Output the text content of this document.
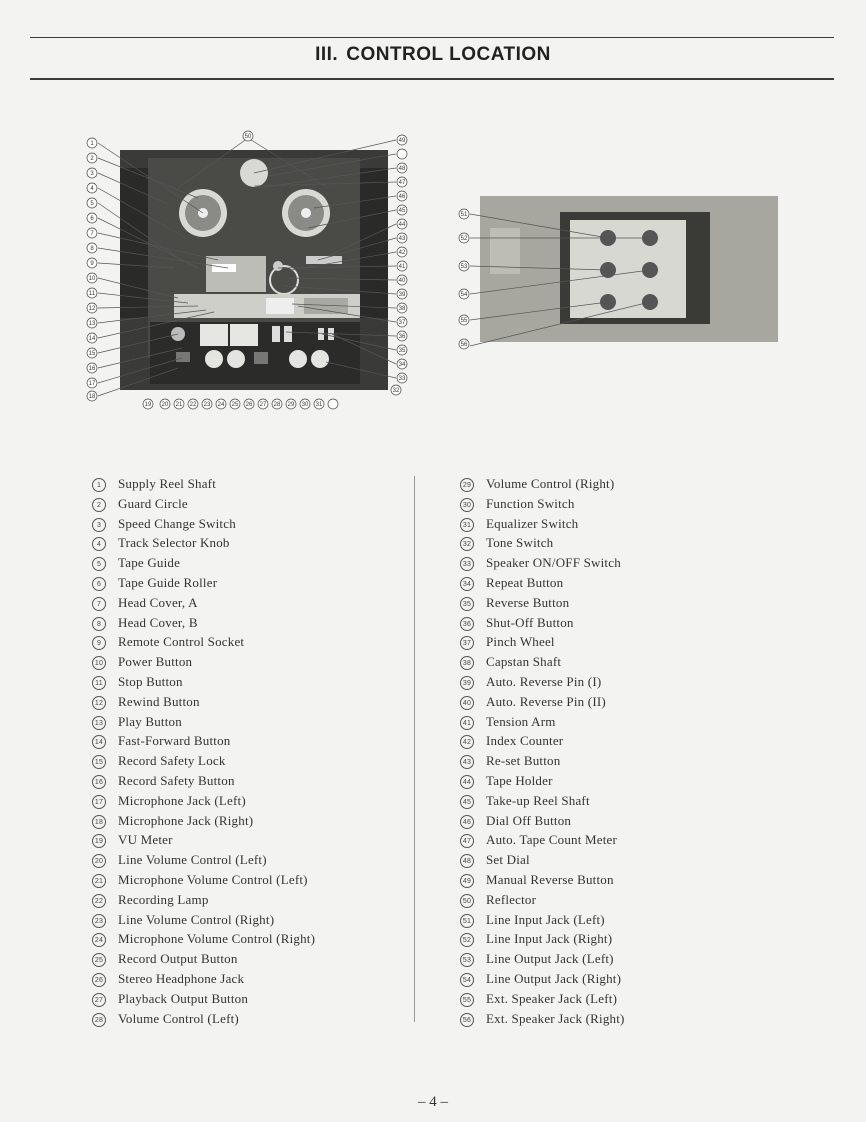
III. CONTROL LOCATION
1
2
3
4
5
6
7
8
9
10
11
12
13
14
15
16
17
18
19 20 21 22 23 24 25 26 27 28 29 30 31
32
33
34
35
36
37
38
39
40
41
42
43
44
45
46
47
48
49
50
51
52
53
54
55
56
1 Supply Reel Shaft
2 Guard Circle
3 Speed Change Switch
4 Track Selector Knob
5 Tape Guide
6 Tape Guide Roller
7 Head Cover, A
8 Head Cover, B
9 Remote Control Socket
10 Power Button
11 Stop Button
12 Rewind Button
13 Play Button
14 Fast-Forward Button
15 Record Safety Lock
16 Record Safety Button
17 Microphone Jack (Left)
18 Microphone Jack (Right)
19 VU Meter
20 Line Volume Control (Left)
21 Microphone Volume Control (Left)
22 Recording Lamp
23 Line Volume Control (Right)
24 Microphone Volume Control (Right)
25 Record Output Button
26 Stereo Headphone Jack
27 Playback Output Button
28 Volume Control (Left)
29 Volume Control (Right)
30 Function Switch
31 Equalizer Switch
32 Tone Switch
33 Speaker ON/OFF Switch
34 Repeat Button
35 Reverse Button
36 Shut-Off Button
37 Pinch Wheel
38 Capstan Shaft
39 Auto. Reverse Pin (I)
40 Auto. Reverse Pin (II)
41 Tension Arm
42 Index Counter
43 Re-set Button
44 Tape Holder
45 Take-up Reel Shaft
46 Dial Off Button
47 Auto. Tape Count Meter
48 Set Dial
49 Manual Reverse Button
50 Reflector
51 Line Input Jack (Left)
52 Line Input Jack (Right)
53 Line Output Jack (Left)
54 Line Output Jack (Right)
55 Ext. Speaker Jack (Left)
56 Ext. Speaker Jack (Right)
– 4 –
